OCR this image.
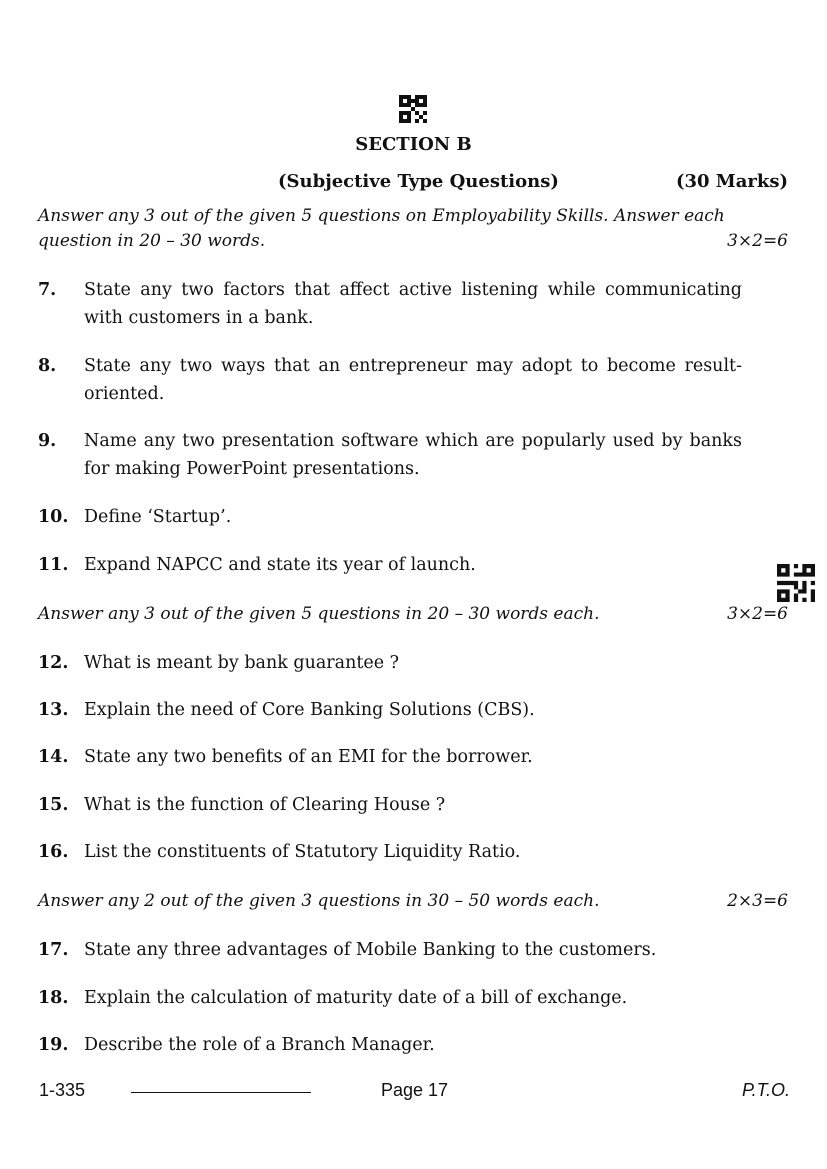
SECTION B
(Subjective Type Questions)	(30 Marks)
Answer any 3 out of the given 5 questions on Employability Skills. Answer each question in 20 – 30 words.	3×2=6
7. State any two factors that affect active listening while communicating with customers in a bank.
8. State any two ways that an entrepreneur may adopt to become result-oriented.
9. Name any two presentation software which are popularly used by banks for making PowerPoint presentations.
10. Define ‘Startup’.
11. Expand NAPCC and state its year of launch.
Answer any 3 out of the given 5 questions in 20 – 30 words each.	3×2=6
12. What is meant by bank guarantee ?
13. Explain the need of Core Banking Solutions (CBS).
14. State any two benefits of an EMI for the borrower.
15. What is the function of Clearing House ?
16. List the constituents of Statutory Liquidity Ratio.
Answer any 2 out of the given 3 questions in 30 – 50 words each.	2×3=6
17. State any three advantages of Mobile Banking to the customers.
18. Explain the calculation of maturity date of a bill of exchange.
19. Describe the role of a Branch Manager.
1-335	Page 17	P.T.O.
